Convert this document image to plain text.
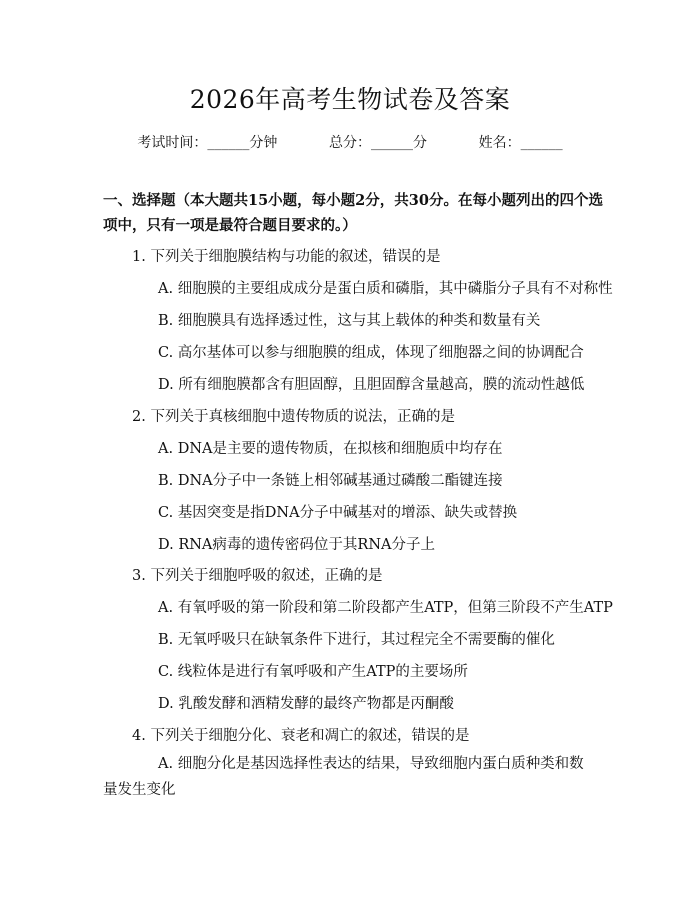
2026年高考生物试卷及答案
考试时间：______分钟	总分：______分	姓名：______
一、选择题（本大题共15小题，每小题2分，共30分。在每小题列出的四个选项中，只有一项是最符合题目要求的。）
1. 下列关于细胞膜结构与功能的叙述，错误的是
A. 细胞膜的主要组成成分是蛋白质和磷脂，其中磷脂分子具有不对称性
B. 细胞膜具有选择透过性，这与其上载体的种类和数量有关
C. 高尔基体可以参与细胞膜的组成，体现了细胞器之间的协调配合
D. 所有细胞膜都含有胆固醇，且胆固醇含量越高，膜的流动性越低
2. 下列关于真核细胞中遗传物质的说法，正确的是
A. DNA是主要的遗传物质，在拟核和细胞质中均存在
B. DNA分子中一条链上相邻碱基通过磷酸二酯键连接
C. 基因突变是指DNA分子中碱基对的增添、缺失或替换
D. RNA病毒的遗传密码位于其RNA分子上
3. 下列关于细胞呼吸的叙述，正确的是
A. 有氧呼吸的第一阶段和第二阶段都产生ATP，但第三阶段不产生ATP
B. 无氧呼吸只在缺氧条件下进行，其过程完全不需要酶的催化
C. 线粒体是进行有氧呼吸和产生ATP的主要场所
D. 乳酸发酵和酒精发酵的最终产物都是丙酮酸
4. 下列关于细胞分化、衰老和凋亡的叙述，错误的是
A. 细胞分化是基因选择性表达的结果，导致细胞内蛋白质种类和数量发生变化
